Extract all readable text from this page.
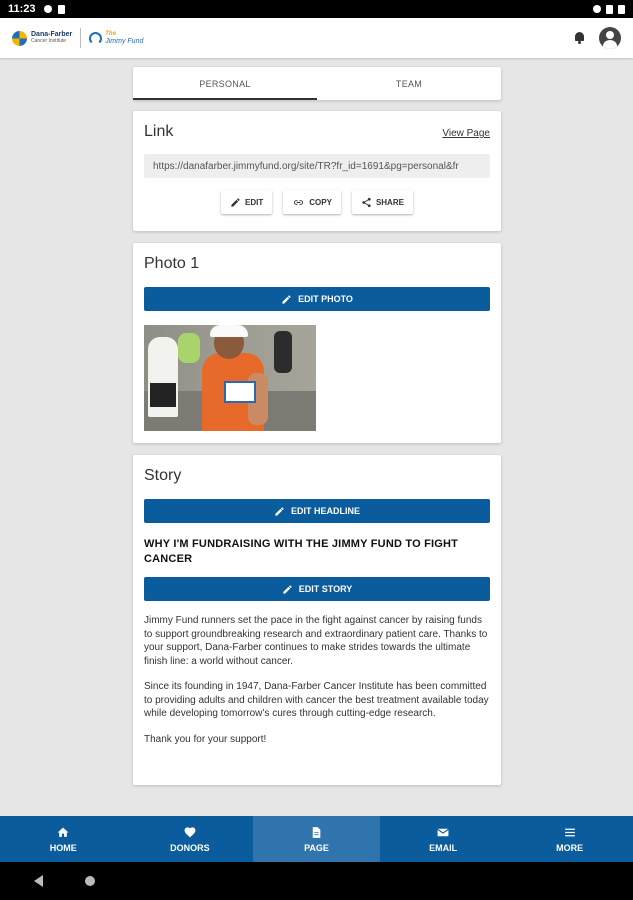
11:23
Dana-Farber
Cancer Institute
The
Jimmy Fund
PERSONAL	TEAM
Link	View Page
https://danafarber.jimmyfund.org/site/TR?fr_id=1691&pg=personal&fr
EDIT	COPY	SHARE
Photo 1
EDIT PHOTO
Story
EDIT HEADLINE
WHY I'M FUNDRAISING WITH THE JIMMY FUND TO FIGHT CANCER
EDIT STORY

Jimmy Fund runners set the pace in the fight against cancer by raising funds to support groundbreaking research and extraordinary patient care. Thanks to your support, Dana-Farber continues to make strides towards the ultimate finish line: a world without cancer.

Since its founding in 1947, Dana-Farber Cancer Institute has been committed to providing adults and children with cancer the best treatment available today while developing tomorrow’s cures through cutting-edge research.

Thank you for your support!

HOME	DONORS	PAGE	EMAIL	MORE
